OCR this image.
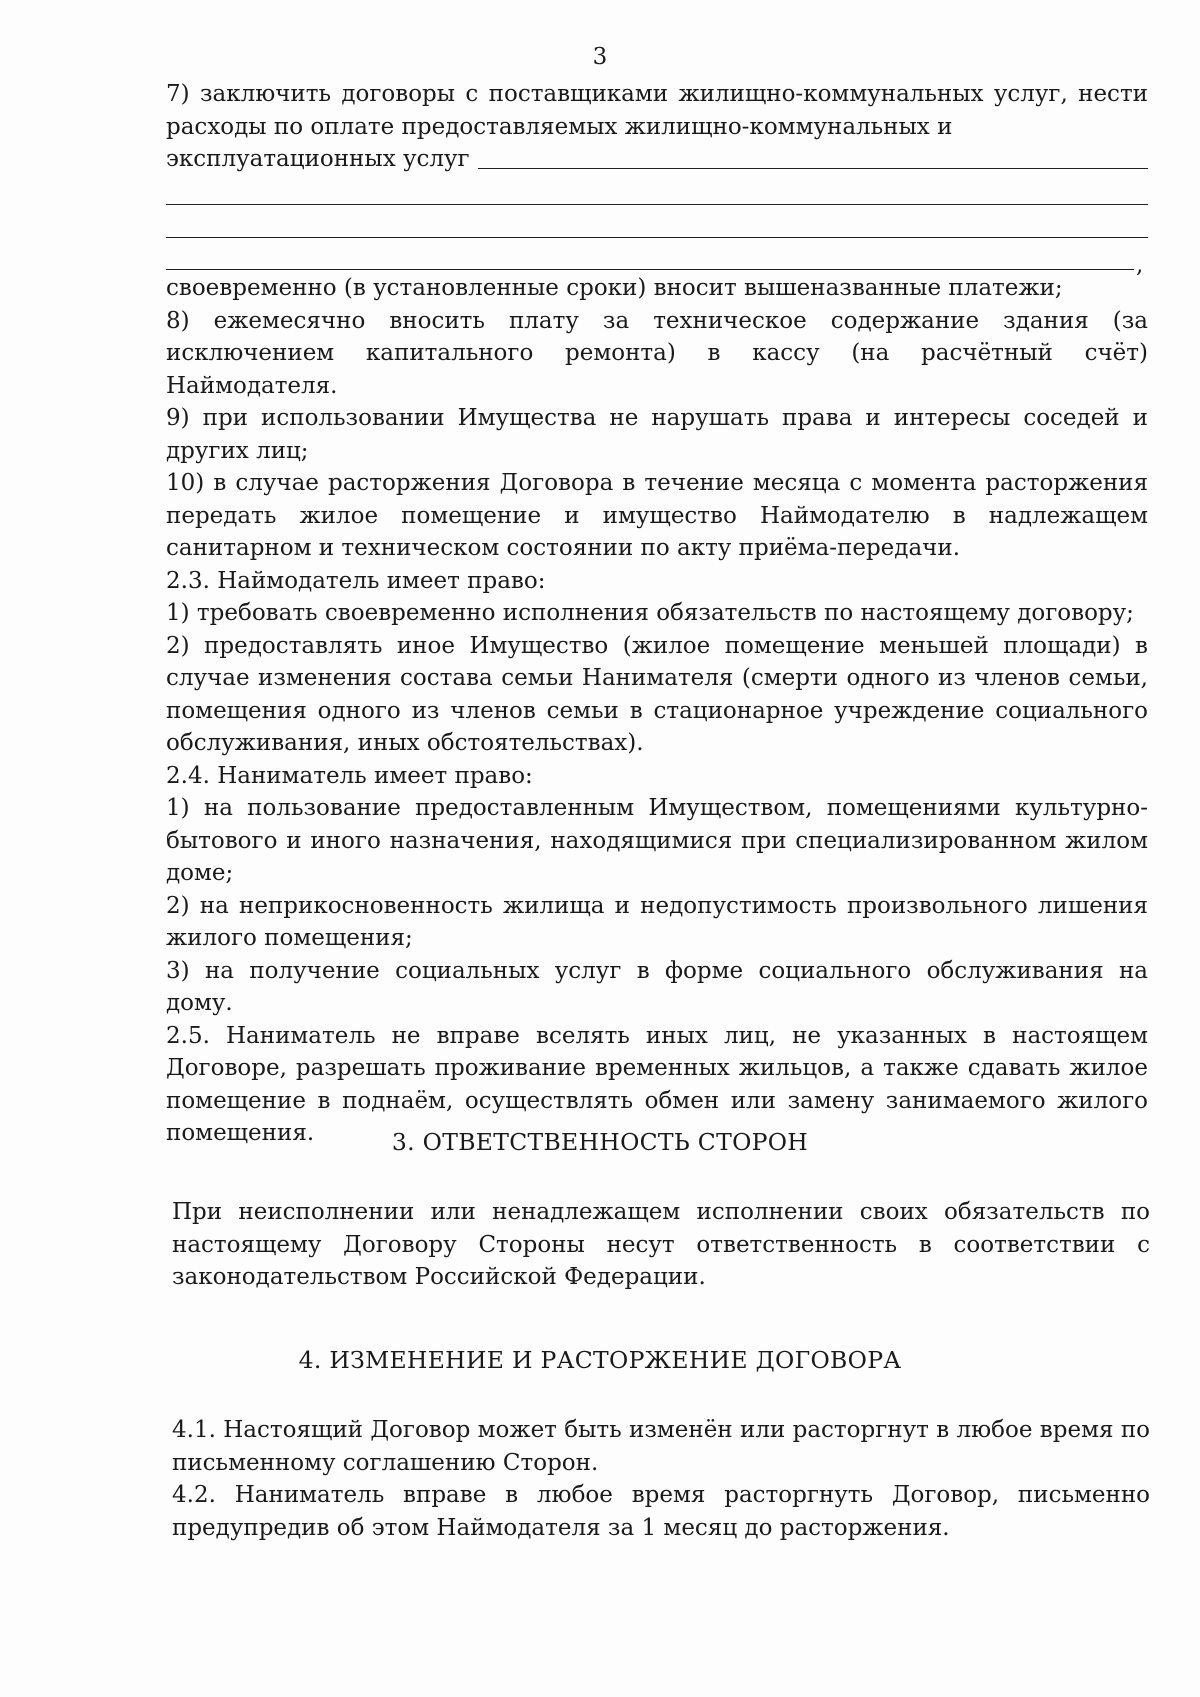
3

7) заключить договоры с поставщиками жилищно-коммунальных услуг, нести расходы по оплате предоставляемых жилищно-коммунальных и

эксплуатационных услуг
,

своевременно (в установленные сроки) вносит вышеназванные платежи;

8) ежемесячно вносить плату за техническое содержание здания (за исключением капитального ремонта) в кассу (на расчётный счёт) Наймодателя.

9) при использовании Имущества не нарушать права и интересы соседей и других лиц;

10) в случае расторжения Договора в течение месяца с момента расторжения передать жилое помещение и имущество Наймодателю в надлежащем санитарном и техническом состоянии по акту приёма-передачи.

2.3. Наймодатель имеет право:

1) требовать своевременно исполнения обязательств по настоящему договору;

2) предоставлять иное Имущество (жилое помещение меньшей площади) в случае изменения состава семьи Нанимателя (смерти одного из членов семьи, помещения одного из членов семьи в стационарное учреждение социального обслуживания, иных обстоятельствах).

2.4. Наниматель имеет право:

1) на пользование предоставленным Имуществом, помещениями культурно-бытового и иного назначения, находящимися при специализированном жилом доме;

2) на неприкосновенность жилища и недопустимость произвольного лишения жилого помещения;

3) на получение социальных услуг в форме социального обслуживания на дому.

2.5. Наниматель не вправе вселять иных лиц, не указанных в настоящем Договоре, разрешать проживание временных жильцов, а также сдавать жилое помещение в поднаём, осуществлять обмен или замену занимаемого жилого помещения.	3. ОТВЕТСТВЕННОСТЬ СТОРОН

При неисполнении или ненадлежащем исполнении своих обязательств по настоящему Договору Стороны несут ответственность в соответствии с законодательством Российской Федерации.

4. ИЗМЕНЕНИЕ И РАСТОРЖЕНИЕ ДОГОВОРА

4.1. Настоящий Договор может быть изменён или расторгнут в любое время по письменному соглашению Сторон.

4.2. Наниматель вправе в любое время расторгнуть Договор, письменно предупредив об этом Наймодателя за 1 месяц до расторжения.
